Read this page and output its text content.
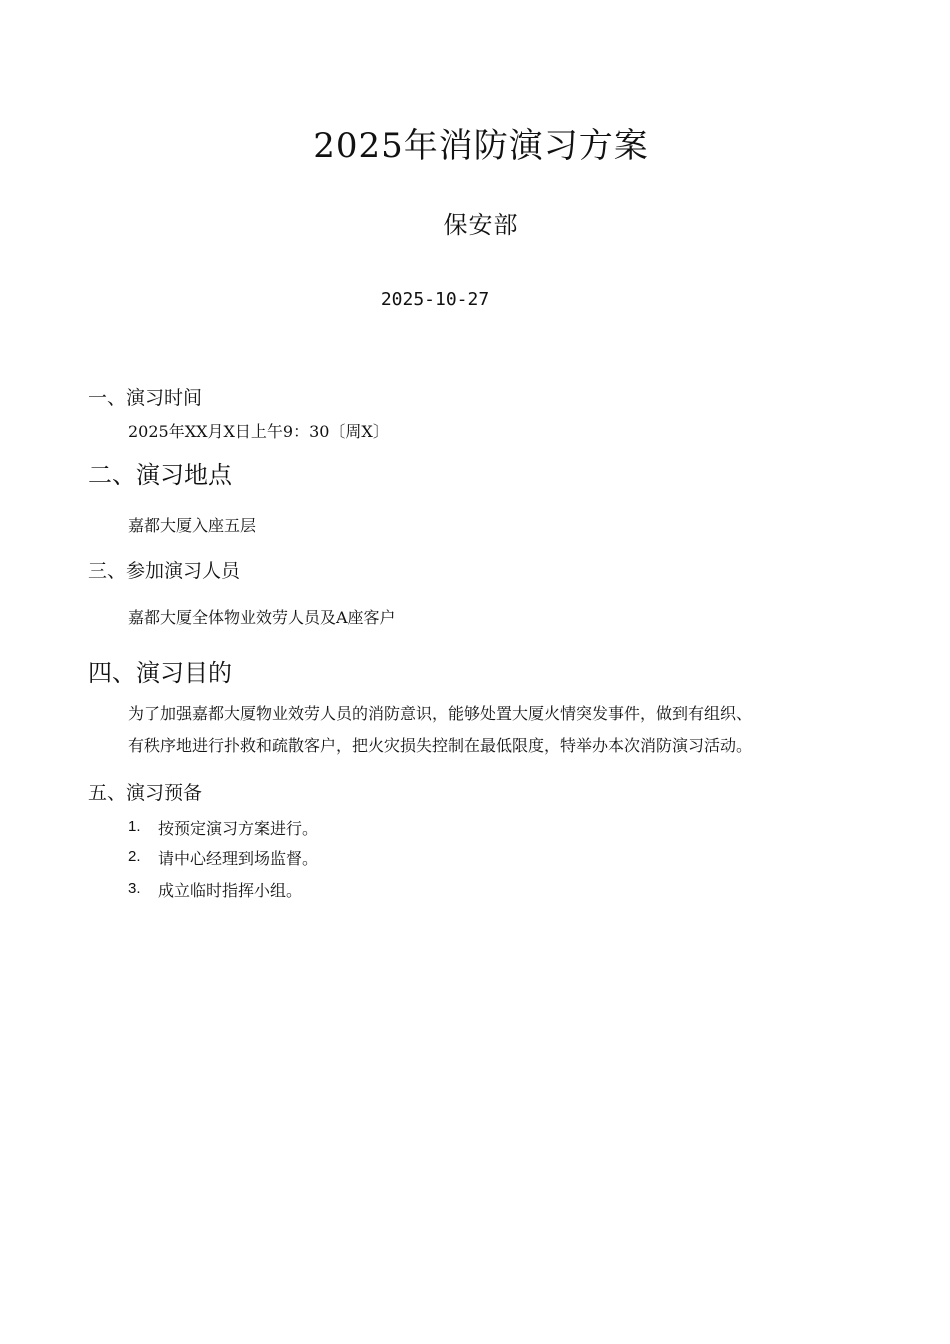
2025年消防演习方案
保安部
2025-10-27
一、演习时间
2025年XX月X日上午9：30〔周X〕
二、演习地点
嘉都大厦入座五层
三、参加演习人员
嘉都大厦全体物业效劳人员及A座客户
四、演习目的
为了加强嘉都大厦物业效劳人员的消防意识，能够处置大厦火情突发事件，做到有组织、
有秩序地进行扑救和疏散客户，把火灾损失控制在最低限度，特举办本次消防演习活动。
五、演习预备
1. 按预定演习方案进行。
2. 请中心经理到场监督。
3. 成立临时指挥小组。
